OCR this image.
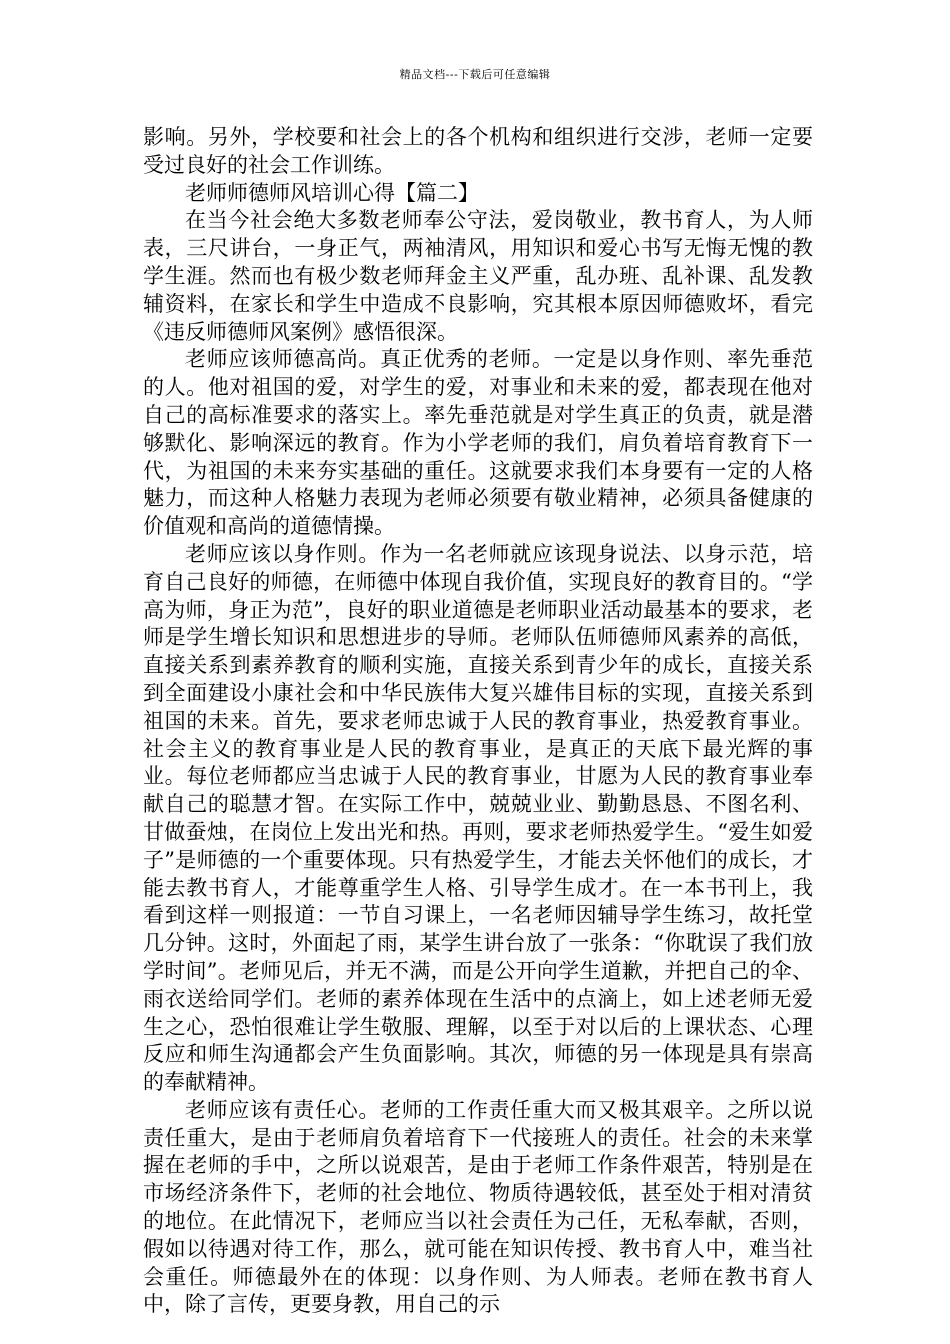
精品文档---下载后可任意编辑

影响。另外，学校要和社会上的各个机构和组织进行交涉，老师一定要受过良好的社会工作训练。

老师师德师风培训心得【篇二】

在当今社会绝大多数老师奉公守法，爱岗敬业，教书育人，为人师表，三尺讲台，一身正气，两袖清风，用知识和爱心书写无悔无愧的教学生涯。然而也有极少数老师拜金主义严重，乱办班、乱补课、乱发教辅资料，在家长和学生中造成不良影响，究其根本原因师德败坏，看完《违反师德师风案例》感悟很深。

老师应该师德高尚。真正优秀的老师。一定是以身作则、率先垂范的人。他对祖国的爱，对学生的爱，对事业和未来的爱，都表现在他对自己的高标准要求的落实上。率先垂范就是对学生真正的负责，就是潜够默化、影响深远的教育。作为小学老师的我们，肩负着培育教育下一代，为祖国的未来夯实基础的重任。这就要求我们本身要有一定的人格魅力，而这种人格魅力表现为老师必须要有敬业精神，必须具备健康的价值观和高尚的道德情操。

老师应该以身作则。作为一名老师就应该现身说法、以身示范，培育自己良好的师德，在师德中体现自我价值，实现良好的教育目的。“学高为师，身正为范”，良好的职业道德是老师职业活动最基本的要求，老师是学生增长知识和思想进步的导师。老师队伍师德师风素养的高低，直接关系到素养教育的顺利实施，直接关系到青少年的成长，直接关系到全面建设小康社会和中华民族伟大复兴雄伟目标的实现，直接关系到祖国的未来。首先，要求老师忠诚于人民的教育事业，热爱教育事业。社会主义的教育事业是人民的教育事业，是真正的天底下最光辉的事业。每位老师都应当忠诚于人民的教育事业，甘愿为人民的教育事业奉献自己的聪慧才智。在实际工作中，兢兢业业、勤勤恳恳、不图名利、甘做蚕烛，在岗位上发出光和热。再则，要求老师热爱学生。“爱生如爱子”是师德的一个重要体现。只有热爱学生，才能去关怀他们的成长，才能去教书育人，才能尊重学生人格、引导学生成才。在一本书刊上，我看到这样一则报道：一节自习课上，一名老师因辅导学生练习，故托堂几分钟。这时，外面起了雨，某学生讲台放了一张条：“你耽误了我们放学时间”。老师见后，并无不满，而是公开向学生道歉，并把自己的伞、雨衣送给同学们。老师的素养体现在生活中的点滴上，如上述老师无爱生之心，恐怕很难让学生敬服、理解，以至于对以后的上课状态、心理反应和师生沟通都会产生负面影响。其次，师德的另一体现是具有崇高的奉献精神。

老师应该有责任心。老师的工作责任重大而又极其艰辛。之所以说责任重大，是由于老师肩负着培育下一代接班人的责任。社会的未来掌握在老师的手中，之所以说艰苦，是由于老师工作条件艰苦，特别是在市场经济条件下，老师的社会地位、物质待遇较低，甚至处于相对清贫的地位。在此情况下，老师应当以社会责任为己任，无私奉献，否则，假如以待遇对待工作，那么，就可能在知识传授、教书育人中，难当社会重任。师德最外在的体现：以身作则、为人师表。老师在教书育人中，除了言传，更要身教，用自己的示
